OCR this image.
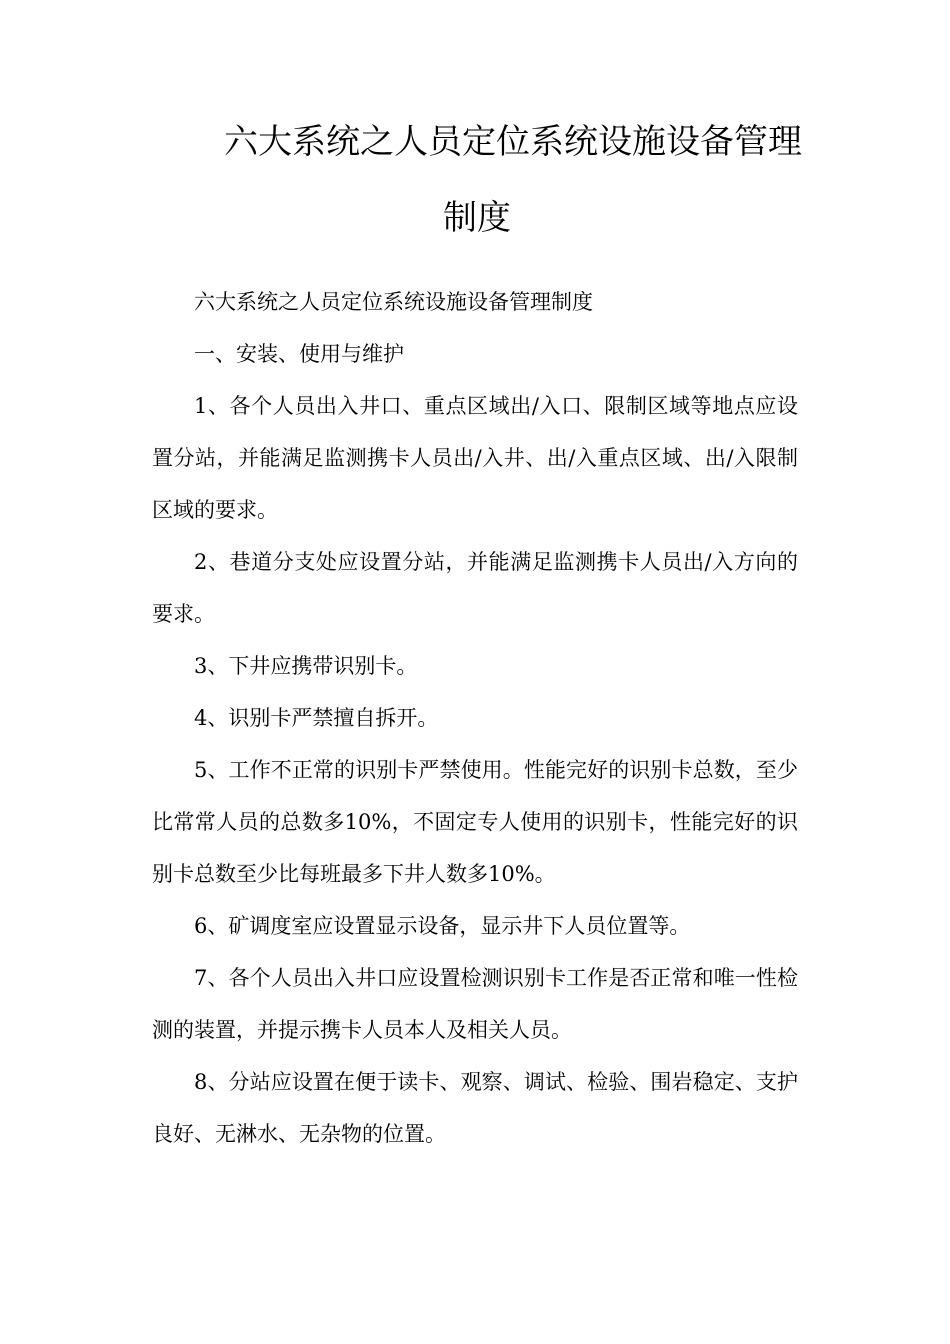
六大系统之人员定位系统设施设备管理
制度

六大系统之人员定位系统设施设备管理制度

一、安装、使用与维护

1、各个人员出入井口、重点区域出/入口、限制区域等地点应设置分站，并能满足监测携卡人员出/入井、出/入重点区域、出/入限制区域的要求。

2、巷道分支处应设置分站，并能满足监测携卡人员出/入方向的要求。

3、下井应携带识别卡。

4、识别卡严禁擅自拆开。

5、工作不正常的识别卡严禁使用。性能完好的识别卡总数，至少比常常人员的总数多10%，不固定专人使用的识别卡，性能完好的识别卡总数至少比每班最多下井人数多10%。

6、矿调度室应设置显示设备，显示井下人员位置等。

7、各个人员出入井口应设置检测识别卡工作是否正常和唯一性检测的装置，并提示携卡人员本人及相关人员。

8、分站应设置在便于读卡、观察、调试、检验、围岩稳定、支护良好、无淋水、无杂物的位置。
